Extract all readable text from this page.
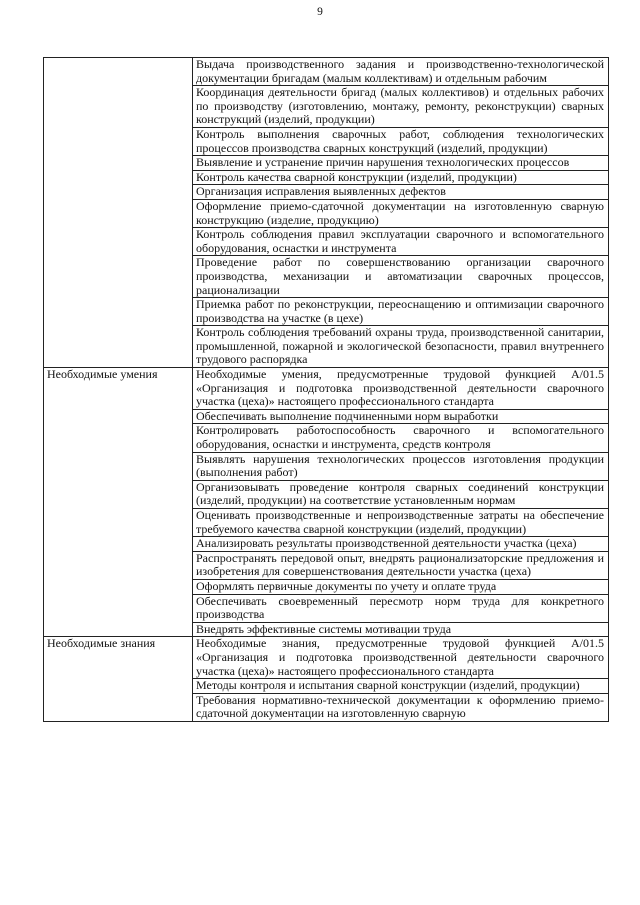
9
	Выдача производственного задания и производственно-технологической документации бригадам (малым коллективам) и отдельным рабочим
	Координация деятельности бригад (малых коллективов) и отдельных рабочих по производству (изготовлению, монтажу, ремонту, реконструкции) сварных конструкций (изделий, продукции)
	Контроль выполнения сварочных работ, соблюдения технологических процессов производства сварных конструкций (изделий, продукции)
	Выявление и устранение причин нарушения технологических процессов
	Контроль качества сварной конструкции (изделий, продукции)
	Организация исправления выявленных дефектов
	Оформление приемо-сдаточной документации на изготовленную сварную конструкцию (изделие, продукцию)
	Контроль соблюдения правил эксплуатации сварочного и вспомогательного оборудования, оснастки и инструмента
	Проведение работ по совершенствованию организации сварочного производства, механизации и автоматизации сварочных процессов, рационализации
	Приемка работ по реконструкции, переоснащению и оптимизации сварочного производства на участке (в цехе)
	Контроль соблюдения требований охраны труда, производственной санитарии, промышленной, пожарной и экологической безопасности, правил внутреннего трудового распорядка
Необходимые умения	Необходимые умения, предусмотренные трудовой функцией А/01.5 «Организация и подготовка производственной деятельности сварочного участка (цеха)» настоящего профессионального стандарта
	Обеспечивать выполнение подчиненными норм выработки
	Контролировать работоспособность сварочного и вспомогательного оборудования, оснастки и инструмента, средств контроля
	Выявлять нарушения технологических процессов изготовления продукции (выполнения работ)
	Организовывать проведение контроля сварных соединений конструкции (изделий, продукции) на соответствие установленным нормам
	Оценивать производственные и непроизводственные затраты на обеспечение требуемого качества сварной конструкции (изделий, продукции)
	Анализировать результаты производственной деятельности участка (цеха)
	Распространять передовой опыт, внедрять рационализаторские предложения и изобретения для совершенствования деятельности участка (цеха)
	Оформлять первичные документы по учету и оплате труда
	Обеспечивать своевременный пересмотр норм труда для конкретного производства
	Внедрять эффективные системы мотивации труда
Необходимые знания	Необходимые знания, предусмотренные трудовой функцией А/01.5 «Организация и подготовка производственной деятельности сварочного участка (цеха)» настоящего профессионального стандарта
	Методы контроля и испытания сварной конструкции (изделий, продукции)
	Требования нормативно-технической документации к оформлению приемо-сдаточной документации на изготовленную сварную
